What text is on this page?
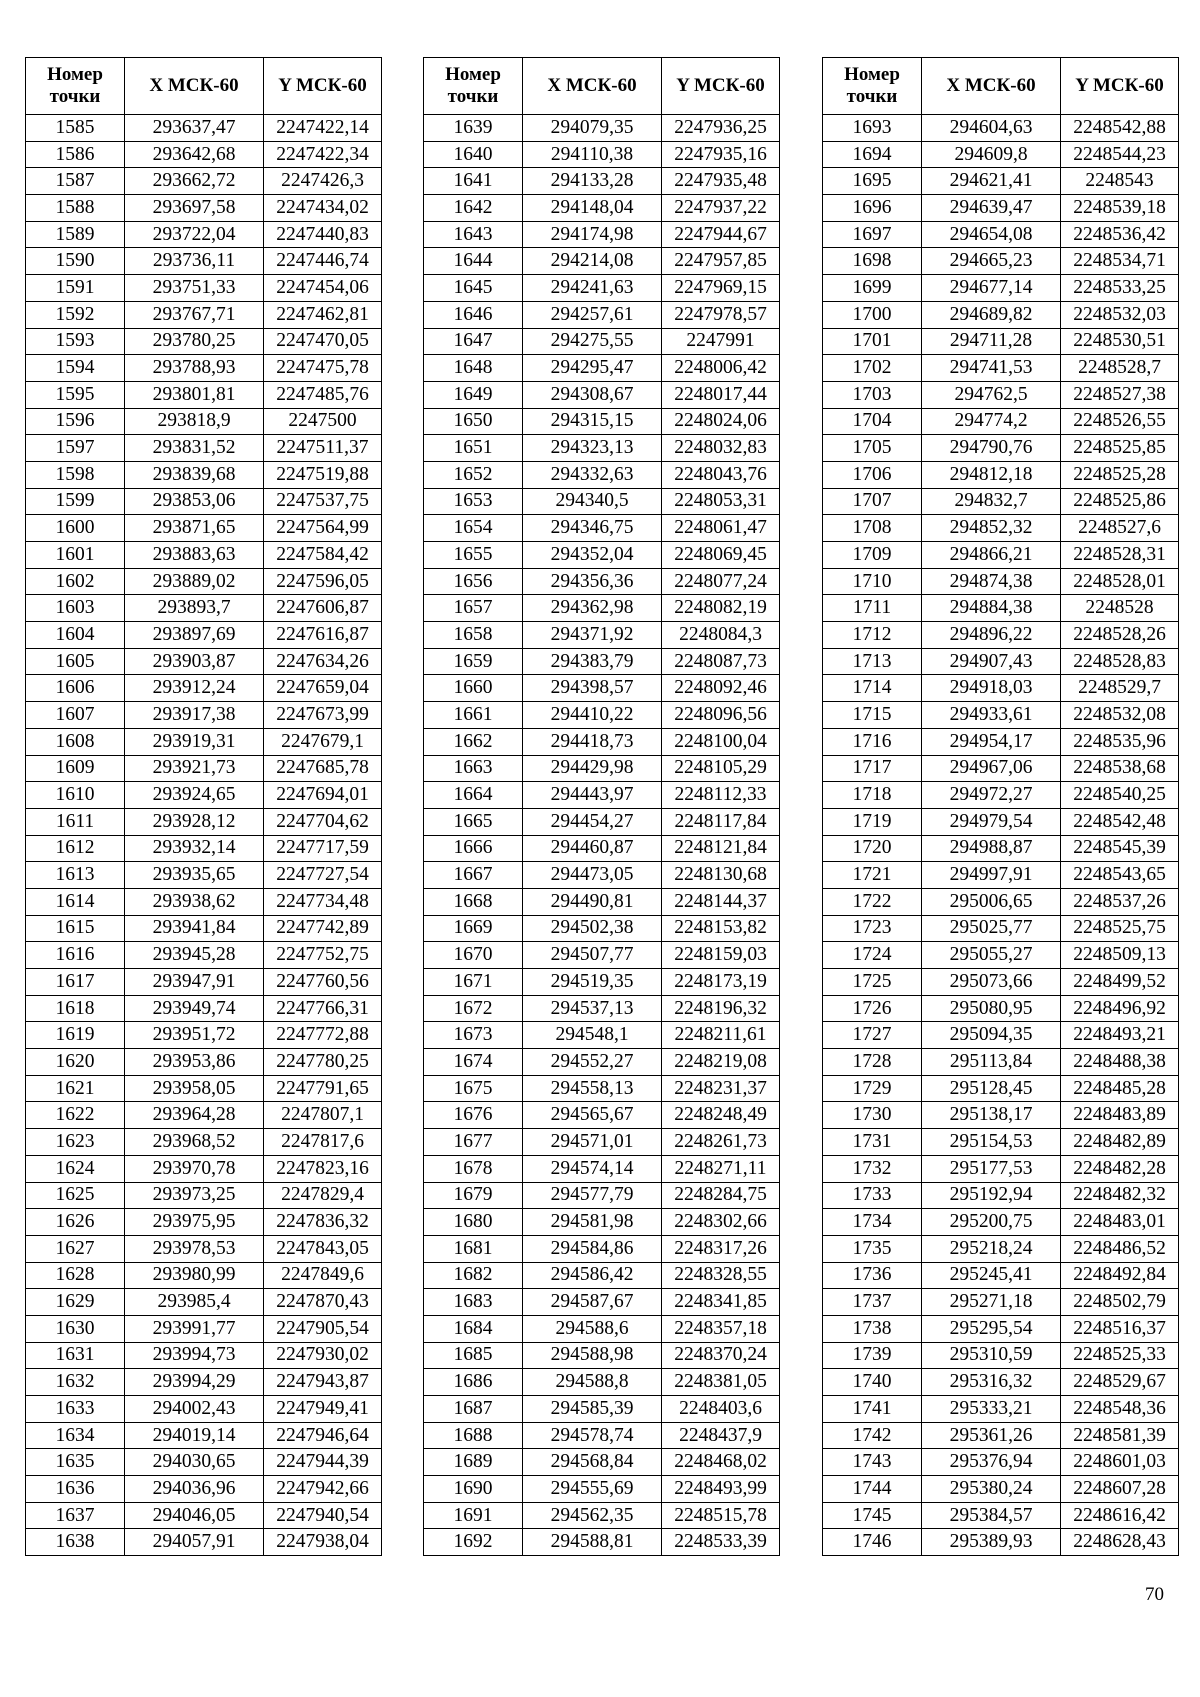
Номер
точки	X МСК-60	Y МСК-60
1585	293637,47	2247422,14
1586	293642,68	2247422,34
1587	293662,72	2247426,3
1588	293697,58	2247434,02
1589	293722,04	2247440,83
1590	293736,11	2247446,74
1591	293751,33	2247454,06
1592	293767,71	2247462,81
1593	293780,25	2247470,05
1594	293788,93	2247475,78
1595	293801,81	2247485,76
1596	293818,9	2247500
1597	293831,52	2247511,37
1598	293839,68	2247519,88
1599	293853,06	2247537,75
1600	293871,65	2247564,99
1601	293883,63	2247584,42
1602	293889,02	2247596,05
1603	293893,7	2247606,87
1604	293897,69	2247616,87
1605	293903,87	2247634,26
1606	293912,24	2247659,04
1607	293917,38	2247673,99
1608	293919,31	2247679,1
1609	293921,73	2247685,78
1610	293924,65	2247694,01
1611	293928,12	2247704,62
1612	293932,14	2247717,59
1613	293935,65	2247727,54
1614	293938,62	2247734,48
1615	293941,84	2247742,89
1616	293945,28	2247752,75
1617	293947,91	2247760,56
1618	293949,74	2247766,31
1619	293951,72	2247772,88
1620	293953,86	2247780,25
1621	293958,05	2247791,65
1622	293964,28	2247807,1
1623	293968,52	2247817,6
1624	293970,78	2247823,16
1625	293973,25	2247829,4
1626	293975,95	2247836,32
1627	293978,53	2247843,05
1628	293980,99	2247849,6
1629	293985,4	2247870,43
1630	293991,77	2247905,54
1631	293994,73	2247930,02
1632	293994,29	2247943,87
1633	294002,43	2247949,41
1634	294019,14	2247946,64
1635	294030,65	2247944,39
1636	294036,96	2247942,66
1637	294046,05	2247940,54
1638	294057,91	2247938,04
Номер
точки	X МСК-60	Y МСК-60
1639	294079,35	2247936,25
1640	294110,38	2247935,16
1641	294133,28	2247935,48
1642	294148,04	2247937,22
1643	294174,98	2247944,67
1644	294214,08	2247957,85
1645	294241,63	2247969,15
1646	294257,61	2247978,57
1647	294275,55	2247991
1648	294295,47	2248006,42
1649	294308,67	2248017,44
1650	294315,15	2248024,06
1651	294323,13	2248032,83
1652	294332,63	2248043,76
1653	294340,5	2248053,31
1654	294346,75	2248061,47
1655	294352,04	2248069,45
1656	294356,36	2248077,24
1657	294362,98	2248082,19
1658	294371,92	2248084,3
1659	294383,79	2248087,73
1660	294398,57	2248092,46
1661	294410,22	2248096,56
1662	294418,73	2248100,04
1663	294429,98	2248105,29
1664	294443,97	2248112,33
1665	294454,27	2248117,84
1666	294460,87	2248121,84
1667	294473,05	2248130,68
1668	294490,81	2248144,37
1669	294502,38	2248153,82
1670	294507,77	2248159,03
1671	294519,35	2248173,19
1672	294537,13	2248196,32
1673	294548,1	2248211,61
1674	294552,27	2248219,08
1675	294558,13	2248231,37
1676	294565,67	2248248,49
1677	294571,01	2248261,73
1678	294574,14	2248271,11
1679	294577,79	2248284,75
1680	294581,98	2248302,66
1681	294584,86	2248317,26
1682	294586,42	2248328,55
1683	294587,67	2248341,85
1684	294588,6	2248357,18
1685	294588,98	2248370,24
1686	294588,8	2248381,05
1687	294585,39	2248403,6
1688	294578,74	2248437,9
1689	294568,84	2248468,02
1690	294555,69	2248493,99
1691	294562,35	2248515,78
1692	294588,81	2248533,39
Номер
точки	X МСК-60	Y МСК-60
1693	294604,63	2248542,88
1694	294609,8	2248544,23
1695	294621,41	2248543
1696	294639,47	2248539,18
1697	294654,08	2248536,42
1698	294665,23	2248534,71
1699	294677,14	2248533,25
1700	294689,82	2248532,03
1701	294711,28	2248530,51
1702	294741,53	2248528,7
1703	294762,5	2248527,38
1704	294774,2	2248526,55
1705	294790,76	2248525,85
1706	294812,18	2248525,28
1707	294832,7	2248525,86
1708	294852,32	2248527,6
1709	294866,21	2248528,31
1710	294874,38	2248528,01
1711	294884,38	2248528
1712	294896,22	2248528,26
1713	294907,43	2248528,83
1714	294918,03	2248529,7
1715	294933,61	2248532,08
1716	294954,17	2248535,96
1717	294967,06	2248538,68
1718	294972,27	2248540,25
1719	294979,54	2248542,48
1720	294988,87	2248545,39
1721	294997,91	2248543,65
1722	295006,65	2248537,26
1723	295025,77	2248525,75
1724	295055,27	2248509,13
1725	295073,66	2248499,52
1726	295080,95	2248496,92
1727	295094,35	2248493,21
1728	295113,84	2248488,38
1729	295128,45	2248485,28
1730	295138,17	2248483,89
1731	295154,53	2248482,89
1732	295177,53	2248482,28
1733	295192,94	2248482,32
1734	295200,75	2248483,01
1735	295218,24	2248486,52
1736	295245,41	2248492,84
1737	295271,18	2248502,79
1738	295295,54	2248516,37
1739	295310,59	2248525,33
1740	295316,32	2248529,67
1741	295333,21	2248548,36
1742	295361,26	2248581,39
1743	295376,94	2248601,03
1744	295380,24	2248607,28
1745	295384,57	2248616,42
1746	295389,93	2248628,43
70
